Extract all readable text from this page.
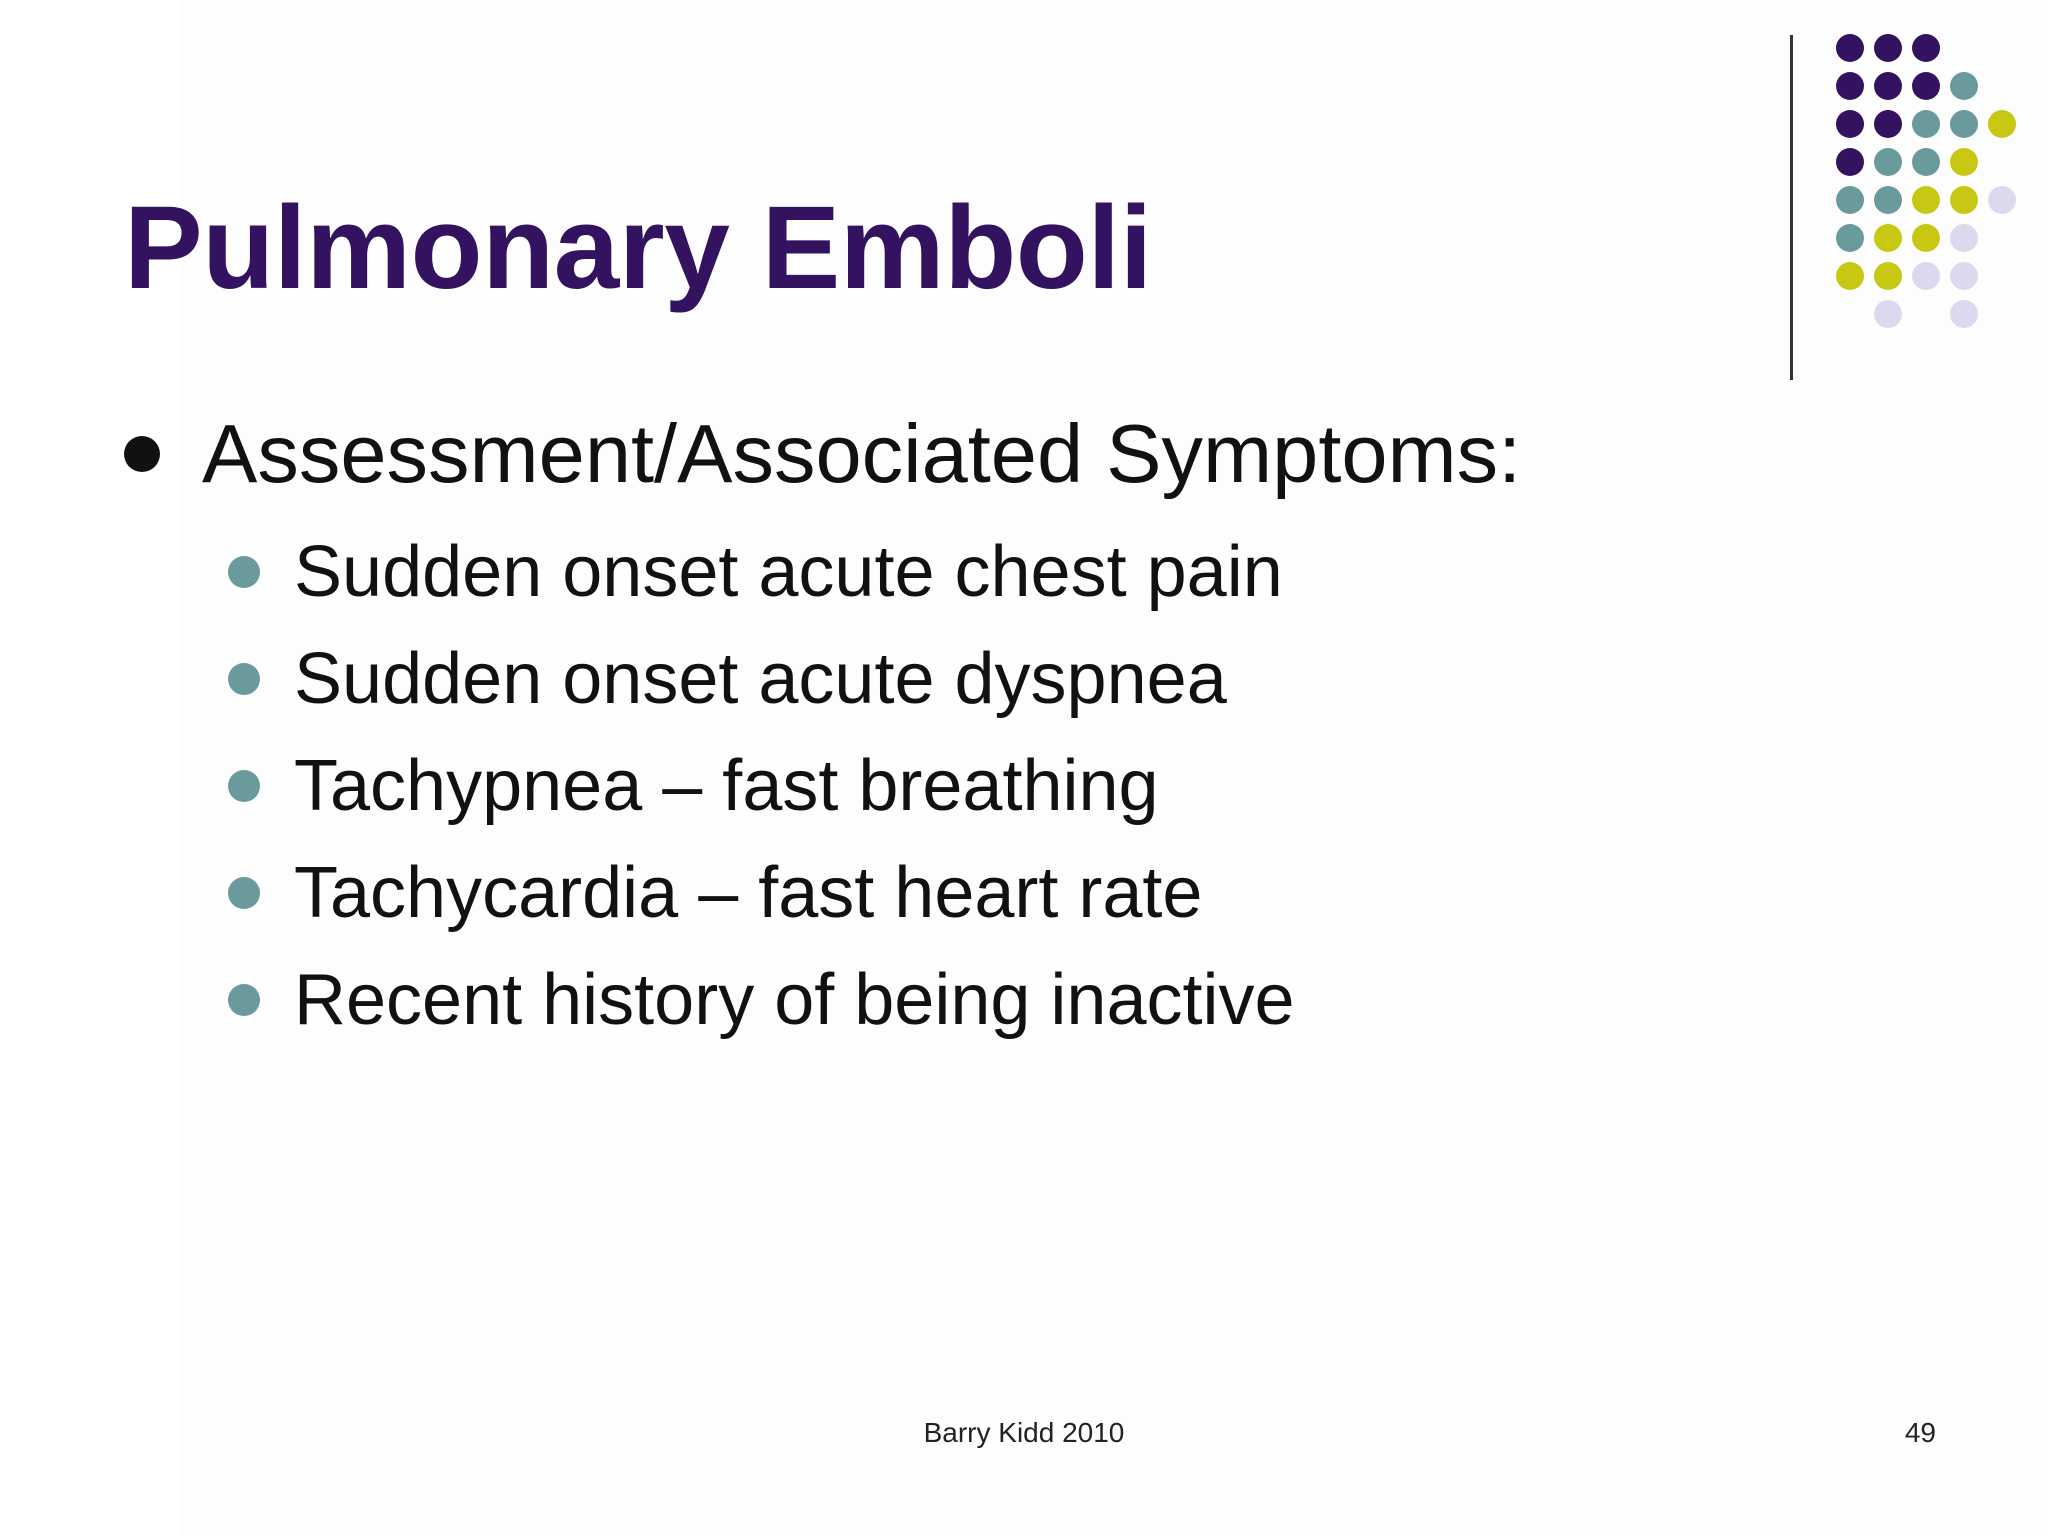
Pulmonary Emboli
Assessment/Associated Symptoms:
Sudden onset acute chest pain
Sudden onset acute dyspnea
Tachypnea – fast breathing
Tachycardia – fast heart rate
Recent history of being inactive
Barry Kidd 2010	49
